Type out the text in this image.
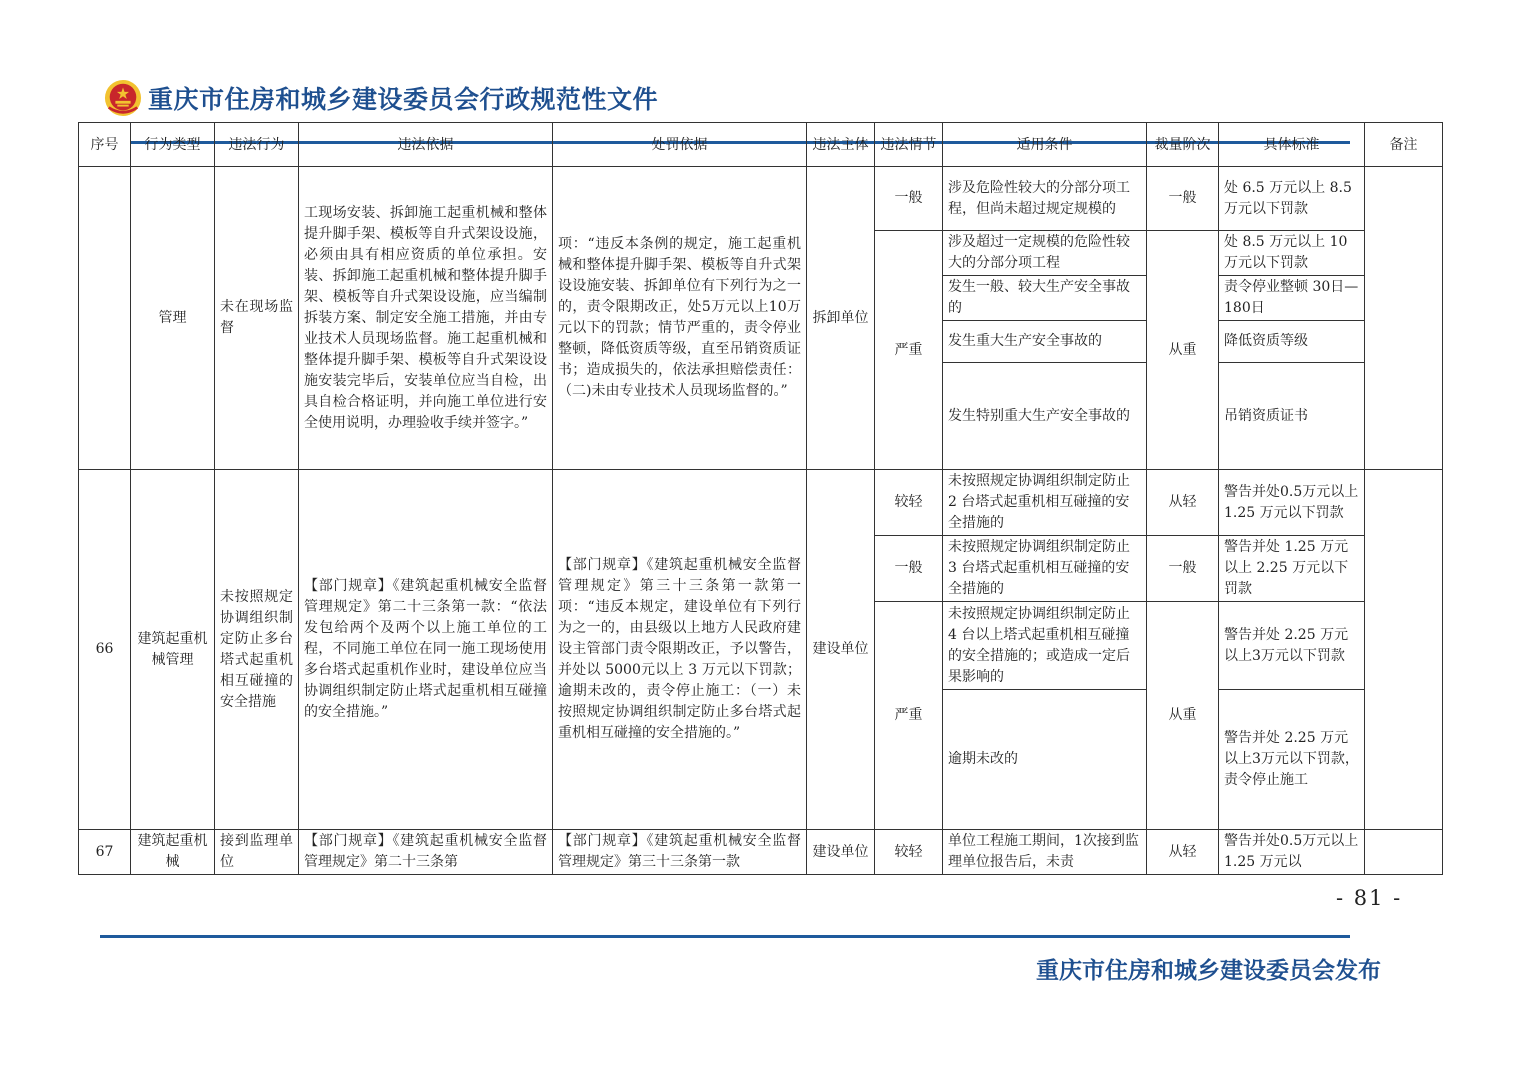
重庆市住房和城乡建设委员会行政规范性文件
序号	行为类型	违法行为	违法依据	处罚依据	违法主体	违法情节	适用条件	裁量阶次	具体标准	备注
	管理	未在现场监督	工现场安装、拆卸施工起重机械和整体提升脚手架、模板等自升式架设设施，必须由具有相应资质的单位承担。安装、拆卸施工起重机械和整体提升脚手架、模板等自升式架设设施，应当编制拆装方案、制定安全施工措施，并由专业技术人员现场监督。施工起重机械和整体提升脚手架、模板等自升式架设设施安装完毕后，安装单位应当自检，出具自检合格证明，并向施工单位进行安全使用说明，办理验收手续并签字。”	项：“违反本条例的规定，施工起重机械和整体提升脚手架、模板等自升式架设设施安装、拆卸单位有下列行为之一的，责令限期改正，处5万元以上10万元以下的罚款；情节严重的，责令停业整顿，降低资质等级，直至吊销资质证书；造成损失的，依法承担赔偿责任：（二)未由专业技术人员现场监督的。”	拆卸单位	一般	涉及危险性较大的分部分项工程，但尚未超过规定规模的	一般	处 6.5 万元以上 8.5万元以下罚款	
						严重	涉及超过一定规模的危险性较大的分部分项工程	从重	处 8.5 万元以上 10万元以下罚款	
							发生一般、较大生产安全事故的		责令停业整顿 30日—180日	
							发生重大生产安全事故的		降低资质等级	
							发生特别重大生产安全事故的		吊销资质证书	
66	建筑起重机械管理	未按照规定协调组织制定防止多台塔式起重机相互碰撞的安全措施	【部门规章】《建筑起重机械安全监督管理规定》第二十三条第一款：“依法发包给两个及两个以上施工单位的工程，不同施工单位在同一施工现场使用多台塔式起重机作业时，建设单位应当协调组织制定防止塔式起重机相互碰撞的安全措施。”	【部门规章】《建筑起重机械安全监督管理规定》第三十三条第一款第一项：“违反本规定，建设单位有下列行为之一的，由县级以上地方人民政府建设主管部门责令限期改正，予以警告，并处以 5000元以上 3 万元以下罚款；逾期未改的，责令停止施工：（一）未按照规定协调组织制定防止多台塔式起重机相互碰撞的安全措施的。”	建设单位	较轻	未按照规定协调组织制定防止 2 台塔式起重机相互碰撞的安全措施的	从轻	警告并处0.5万元以上 1.25 万元以下罚款	
						一般	未按照规定协调组织制定防止 3 台塔式起重机相互碰撞的安全措施的	一般	警告并处 1.25 万元以上 2.25 万元以下罚款	
						严重	未按照规定协调组织制定防止 4 台以上塔式起重机相互碰撞的安全措施的；或造成一定后果影响的	从重	警告并处 2.25 万元以上3万元以下罚款	
							逾期未改的		警告并处 2.25 万元以上3万元以下罚款，责令停止施工	
67	建筑起重机械	接到监理单位	【部门规章】《建筑起重机械安全监督管理规定》第二十三条第	【部门规章】《建筑起重机械安全监督管理规定》第三十三条第一款	建设单位	较轻	单位工程施工期间，1次接到监理单位报告后，未责	从轻	警告并处0.5万元以上 1.25 万元以	
- 81 -
重庆市住房和城乡建设委员会发布
